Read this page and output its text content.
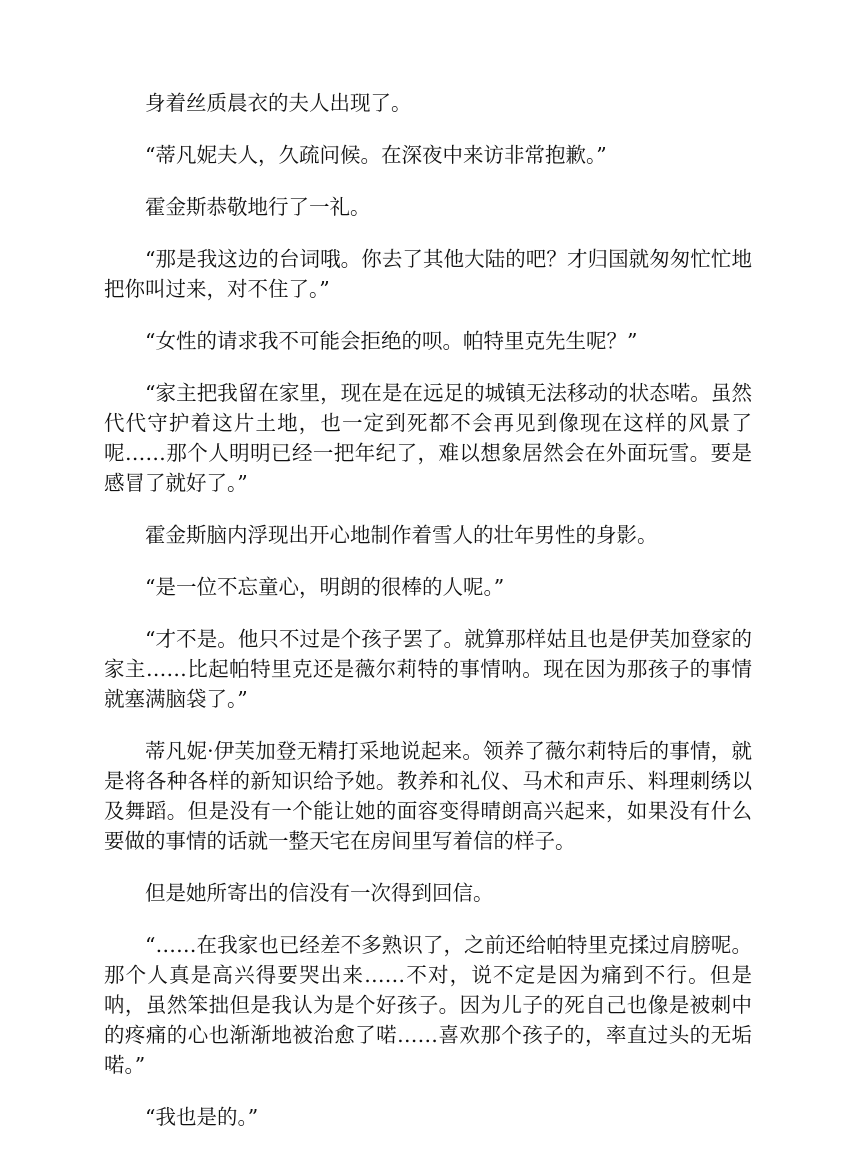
身着丝质晨衣的夫人出现了。

“蒂凡妮夫人，久疏问候。在深夜中来访非常抱歉。”

霍金斯恭敬地行了一礼。

“那是我这边的台词哦。你去了其他大陆的吧？才归国就匆匆忙忙地把你叫过来，对不住了。”

“女性的请求我不可能会拒绝的呗。帕特里克先生呢？”

“家主把我留在家里，现在是在远足的城镇无法移动的状态喏。虽然代代守护着这片土地，也一定到死都不会再见到像现在这样的风景了呢……那个人明明已经一把年纪了，难以想象居然会在外面玩雪。要是感冒了就好了。”

霍金斯脑内浮现出开心地制作着雪人的壮年男性的身影。

“是一位不忘童心，明朗的很棒的人呢。”

“才不是。他只不过是个孩子罢了。就算那样姑且也是伊芙加登家的家主……比起帕特里克还是薇尔莉特的事情呐。现在因为那孩子的事情就塞满脑袋了。”

蒂凡妮·伊芙加登无精打采地说起来。领养了薇尔莉特后的事情，就是将各种各样的新知识给予她。教养和礼仪、马术和声乐、料理刺绣以及舞蹈。但是没有一个能让她的面容变得晴朗高兴起来，如果没有什么要做的事情的话就一整天宅在房间里写着信的样子。

但是她所寄出的信没有一次得到回信。

“……在我家也已经差不多熟识了，之前还给帕特里克揉过肩膀呢。那个人真是高兴得要哭出来……不对，说不定是因为痛到不行。但是呐，虽然笨拙但是我认为是个好孩子。因为儿子的死自己也像是被刺中的疼痛的心也渐渐地被治愈了喏……喜欢那个孩子的，率直过头的无垢喏。”

“我也是的。”
